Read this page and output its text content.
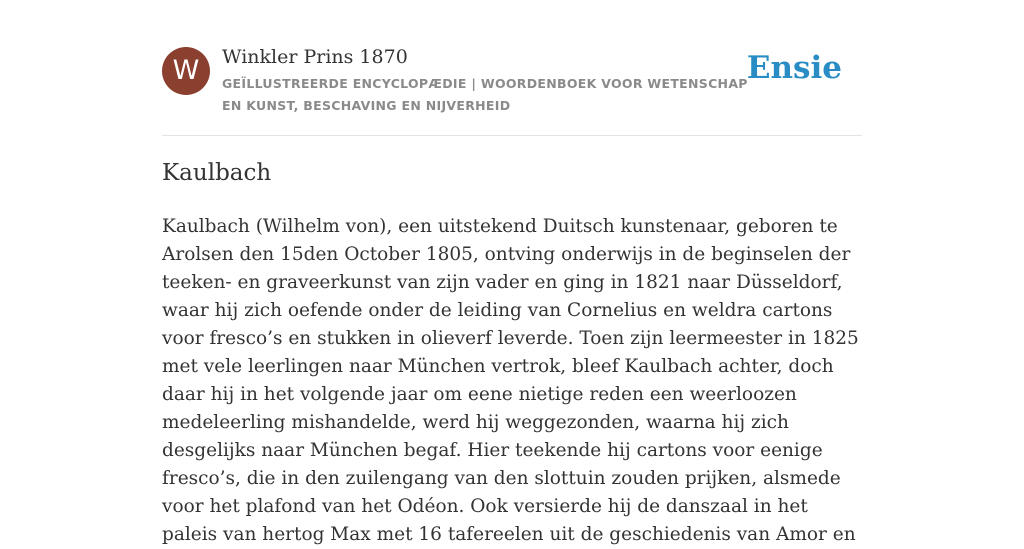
W	Winkler Prins 1870
GEÏLLUSTREERDE ENCYCLOPÆDIE | WOORDENBOEK VOOR WETENSCHAP EN KUNST, BESCHAVING EN NIJVERHEID
Ensie
Kaulbach

Kaulbach (Wilhelm von), een uitstekend Duitsch kunstenaar, geboren te Arolsen den 15den October 1805, ontving onderwijs in de beginselen der teeken- en graveerkunst van zijn vader en ging in 1821 naar Düsseldorf, waar hij zich oefende onder de leiding van Cornelius en weldra cartons voor fresco’s en stukken in olieverf leverde. Toen zijn leermeester in 1825 met vele leerlingen naar München vertrok, bleef Kaulbach achter, doch daar hij in het volgende jaar om eene nietige reden een weerloozen medeleerling mishandelde, werd hij weggezonden, waarna hij zich desgelijks naar München begaf. Hier teekende hij cartons voor eenige fresco’s, die in den zuilengang van den slottuin zouden prijken, alsmede voor het plafond van het Odéon. Ook versierde hij de danszaal in het paleis van hertog Max met 16 tafereelen uit de geschiedenis van Amor en
